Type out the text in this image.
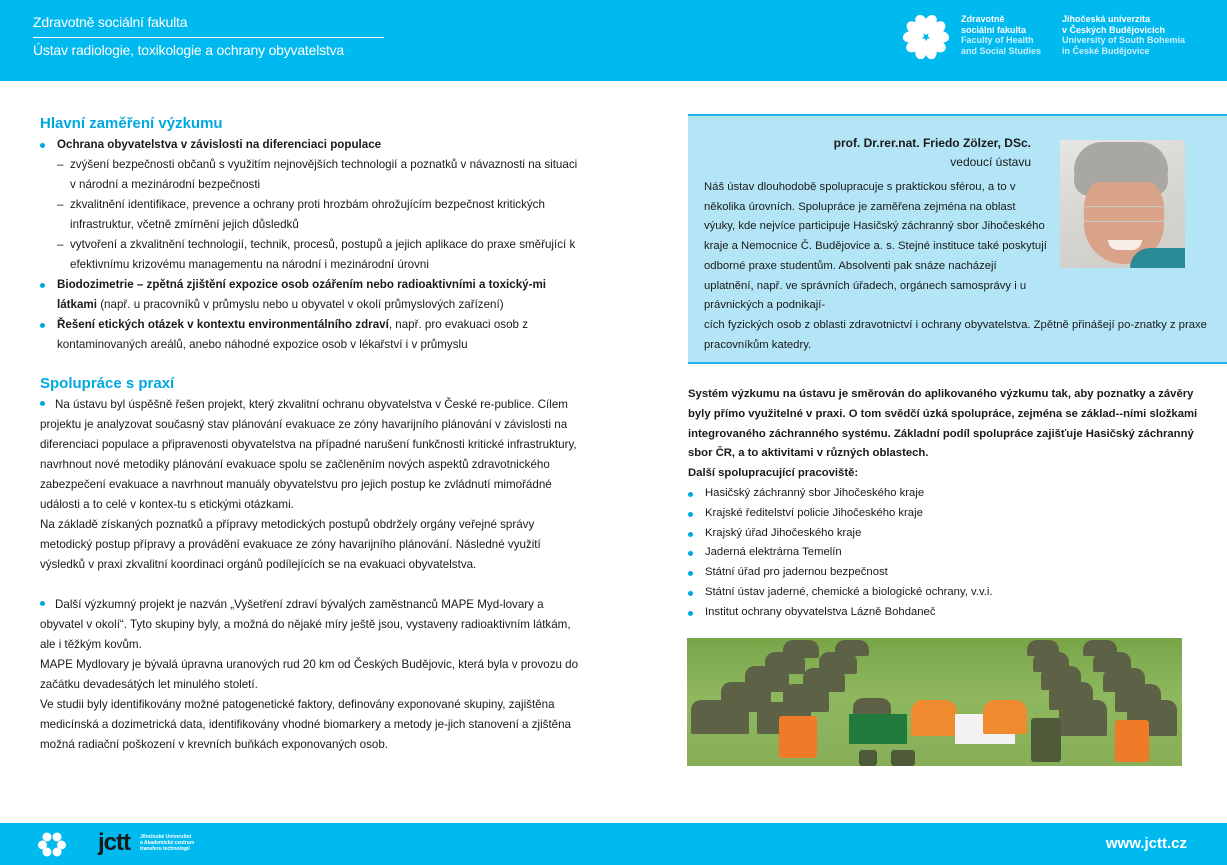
Zdravotně sociální fakulta
Ústav radiologie, toxikologie a ochrany obyvatelstva
Zdravotně
sociální fakulta
Faculty of Health
and Social Studies
Jihočeská univerzita
v Českých Budějovicích
University of South Bohemia
in České Budějovice
Hlavní zaměření výzkumu
Ochrana obyvatelstva v závislosti na diferenciaci populace
– zvýšení bezpečnosti občanů s využitím nejnovějších technologií a poznatků v návaznosti na situaci v národní a mezinárodní bezpečnosti
– zkvalitnění identifikace, prevence a ochrany proti hrozbám ohrožujícím bezpečnost kritických infrastruktur, včetně zmírnění jejich důsledků
– vytvoření a zkvalitnění technologií, technik, procesů, postupů a jejich aplikace do praxe směřující k efektivnímu krizovému managementu na národní i mezinárodní úrovni
Biodozimetrie – zpětná zjištění expozice osob ozářením nebo radioaktivními a toxický-mi látkami (např. u pracovníků v průmyslu nebo u obyvatel v okolí průmyslových zařízení)
Řešení etických otázek v kontextu environmentálního zdraví, např. pro evakuaci osob z kontaminovaných areálů, anebo náhodné expozice osob v lékařství i v průmyslu
Spolupráce s praxí
Na ústavu byl úspěšně řešen projekt, který zkvalitní ochranu obyvatelstva v České re-publice. Cílem projektu je analyzovat současný stav plánování evakuace ze zóny havarijního plánování v závislosti na diferenciaci populace a připravenosti obyvatelstva na případné narušení funkčnosti kritické infrastruktury, navrhnout nové metodiky plánování evakuace spolu se začleněním nových aspektů zdravotnického zabezpečení evakuace a navrhnout manuály obyvatelstvu pro jejich postup ke zvládnutí mimořádné události a to celé v kontex-tu s etickými otázkami.
Na základě získaných poznatků a přípravy metodických postupů obdržely orgány veřejné správy metodický postup přípravy a provádění evakuace ze zóny havarijního plánování. Následné využití výsledků v praxi zkvalitní koordinaci orgánů podílejících se na evakuaci obyvatelstva.
Další výzkumný projekt je nazván „Vyšetření zdraví bývalých zaměstnanců MAPE Myd-lovary a obyvatel v okolí“. Tyto skupiny byly, a možná do nějaké míry ještě jsou, vystaveny radioaktivním látkám, ale i těžkým kovům.
MAPE Mydlovary je bývalá úpravna uranových rud 20 km od Českých Budějovic, která byla v provozu do začátku devadesátých let minulého století.
Ve studii byly identifikovány možné patogenetické faktory, definovány exponované skupiny, zajištěna medicínská a dozimetrická data, identifikovány vhodné biomarkery a metody je-jich stanovení a zjištěna možná radiační poškození v krevních buňkách exponovaných osob.
prof. Dr.rer.nat. Friedo Zölzer, DSc.
vedoucí ústavu
Náš ústav dlouhodobě spolupracuje s praktickou sférou, a to v několika úrovních. Spolupráce je zaměřena zejména na oblast výuky, kde nejvíce participuje Hasičský záchranný sbor Jihočeského kraje a Nemocnice Č. Budějovice a. s. Stejné instituce také poskytují odborné praxe studentům. Absolventi pak snáze nacházejí uplatnění, např. ve správních úřadech, orgánech samosprávy i u právnických a podnikají-
cích fyzických osob z oblasti zdravotnictví i ochrany obyvatelstva. Zpětně přinášejí po-znatky z praxe pracovníkům katedry.
Systém výzkumu na ústavu je směrován do aplikovaného výzkumu tak, aby poznatky a závěry byly přímo využitelné v praxi. O tom svědčí úzká spolupráce, zejména se základ--ními složkami integrovaného záchranného systému. Základní podíl spolupráce zajišťuje Hasičský záchranný sbor ČR, a to aktivitami v různých oblastech.
Další spolupracující pracoviště:
Hasičský záchranný sbor Jihočeského kraje
Krajské ředitelství policie Jihočeského kraje
Krajský úřad Jihočeského kraje
Jaderná elektrárna Temelín
Státní úřad pro jadernou bezpečnost
Státní ústav jaderné, chemické a biologické ochrany, v.v.i.
Institut ochrany obyvatelstva Lázně Bohdaneč
jctt Jihočeské Univerzitní
a Akademické centrum
transferu technologií	www.jctt.cz
